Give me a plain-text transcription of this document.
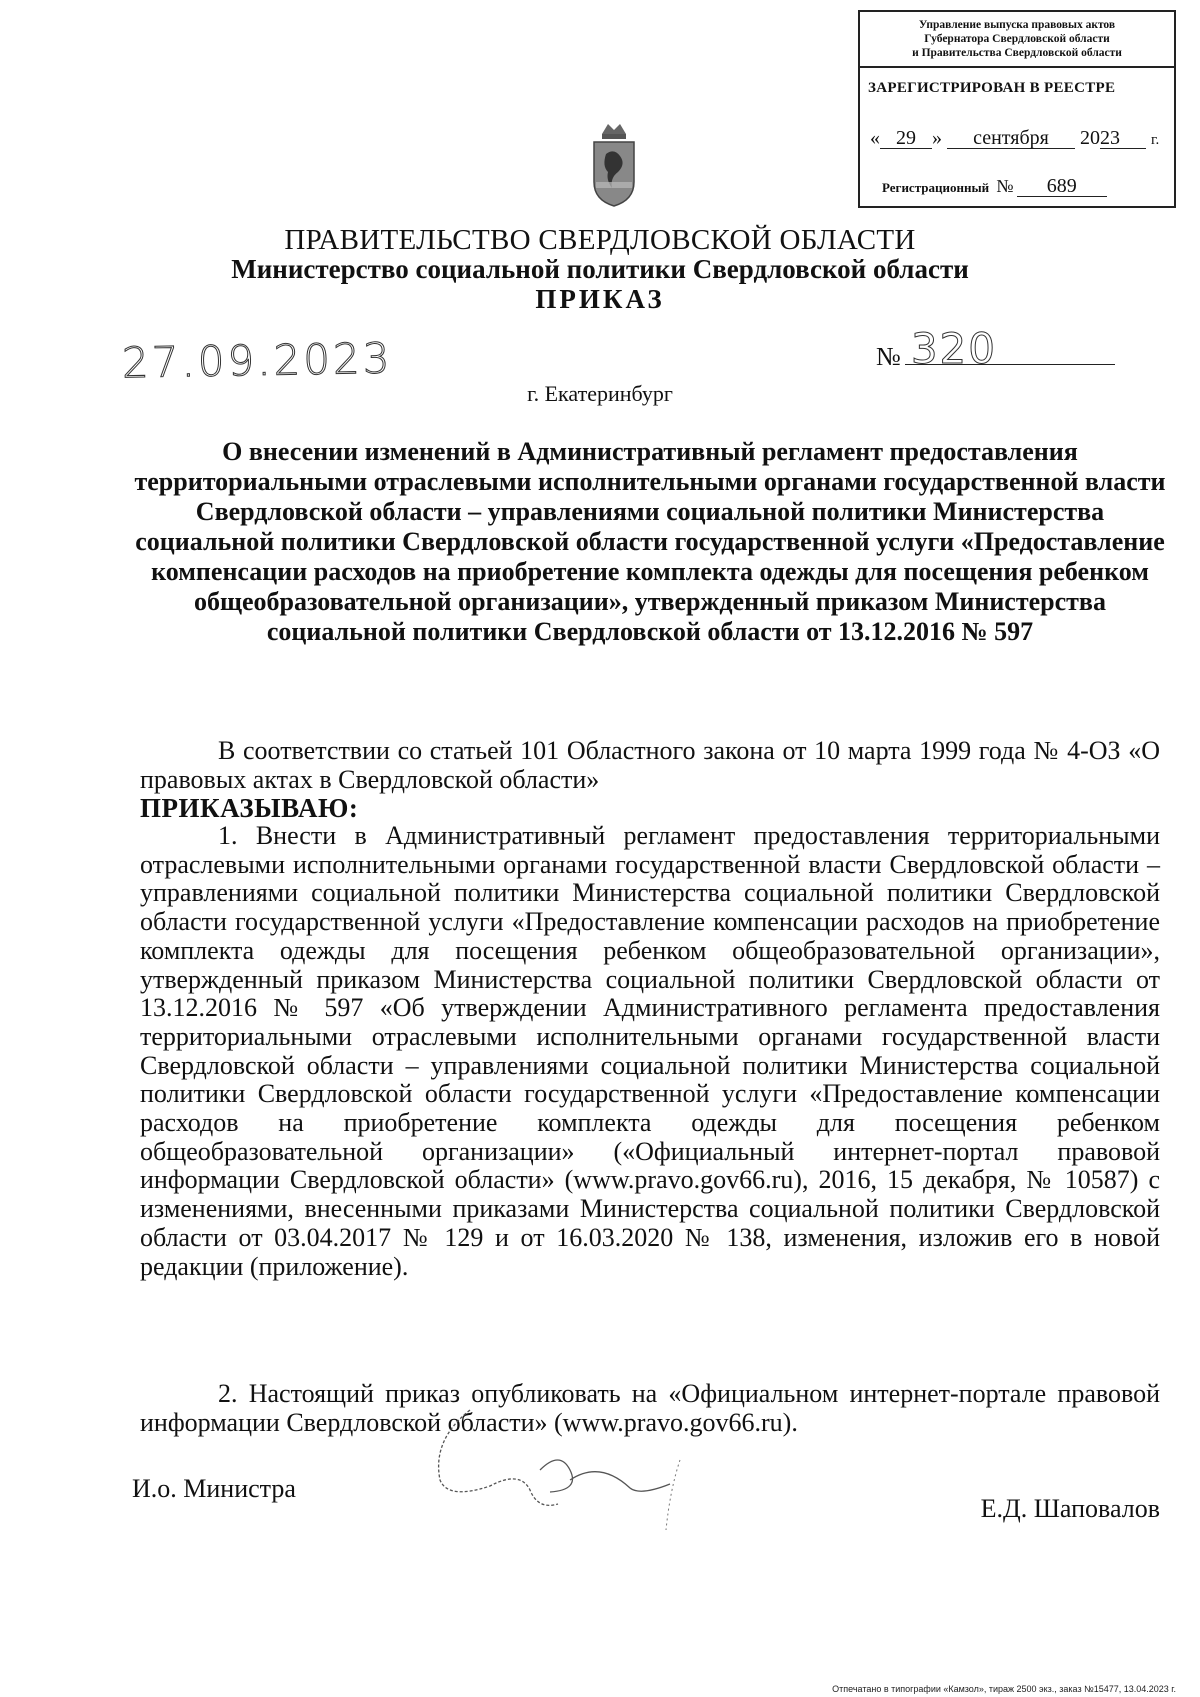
Управление выпуска правовых актов
Губернатора Свердловской области
и Правительства Свердловской области
ЗАРЕГИСТРИРОВАН В РЕЕСТРЕ
« 29 » сентября 2023 г.
Регистрационный № 689
ПРАВИТЕЛЬСТВО СВЕРДЛОВСКОЙ ОБЛАСТИ
Министерство социальной политики Свердловской области
ПРИКАЗ
27.09.2023	№ 320
г. Екатеринбург
О внесении изменений в Административный регламент предоставления территориальными отраслевыми исполнительными органами государственной власти Свердловской области – управлениями социальной политики Министерства социальной политики Свердловской области государственной услуги «Предоставление компенсации расходов на приобретение комплекта одежды для посещения ребенком общеобразовательной организации», утвержденный приказом Министерства социальной политики Свердловской области от 13.12.2016 № 597
В соответствии со статьей 101 Областного закона от 10 марта 1999 года № 4-ОЗ «О правовых актах в Свердловской области»
ПРИКАЗЫВАЮ:
1. Внести в Административный регламент предоставления территориальными отраслевыми исполнительными органами государственной власти Свердловской области – управлениями социальной политики Министерства социальной политики Свердловской области государственной услуги «Предоставление компенсации расходов на приобретение комплекта одежды для посещения ребенком общеобразовательной организации», утвержденный приказом Министерства социальной политики Свердловской области от 13.12.2016 № 597 «Об утверждении Административного регламента предоставления территориальными отраслевыми исполнительными органами государственной власти Свердловской области – управлениями социальной политики Министерства социальной политики Свердловской области государственной услуги «Предоставление компенсации расходов на приобретение комплекта одежды для посещения ребенком общеобразовательной организации» («Официальный интернет-портал правовой информации Свердловской области» (www.pravo.gov66.ru), 2016, 15 декабря, № 10587) с изменениями, внесенными приказами Министерства социальной политики Свердловской области от 03.04.2017 № 129 и от 16.03.2020 № 138, изменения, изложив его в новой редакции (приложение).
2. Настоящий приказ опубликовать на «Официальном интернет-портале правовой информации Свердловской области» (www.pravo.gov66.ru).
И.о. Министра
Е.Д. Шаповалов
Отпечатано в типографии «Камзол», тираж 2500 экз., заказ №15477, 13.04.2023 г.
